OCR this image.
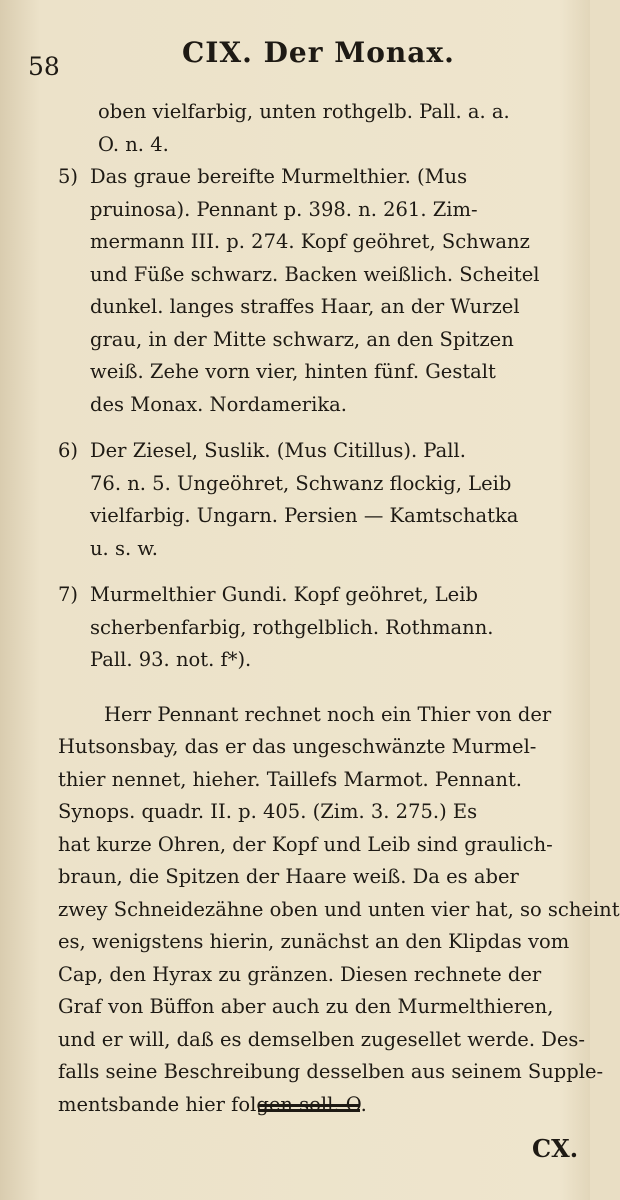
58	CIX. Der Monax.
oben vielfarbig, unten rothgelb. Pall. a. a.
O. n. 4.
5) Das graue bereifte Murmelthier. (Mus
pruinosa). Pennant p. 398. n. 261. Zim-
mermann III. p. 274. Kopf geöhret, Schwanz
und Füße schwarz. Backen weißlich. Scheitel
dunkel. langes straffes Haar, an der Wurzel
grau, in der Mitte schwarz, an den Spitzen
weiß. Zehe vorn vier, hinten fünf. Gestalt
des Monax. Nordamerika.
6) Der Ziesel, Suslik. (Mus Citillus). Pall.
76. n. 5. Ungeöhret, Schwanz flockig, Leib
vielfarbig. Ungarn. Persien — Kamtschatka
u. s. w.
7) Murmelthier Gundi. Kopf geöhret, Leib
scherbenfarbig, rothgelblich. Rothmann.
Pall. 93. not. f*).
Herr Pennant rechnet noch ein Thier von der
Hutsonsbay, das er das ungeschwänzte Murmel-
thier nennet, hieher. Taillefs Marmot. Pennant.
Synops. quadr. II. p. 405. (Zim. 3. 275.) Es
hat kurze Ohren, der Kopf und Leib sind graulich-
braun, die Spitzen der Haare weiß. Da es aber
zwey Schneidezähne oben und unten vier hat, so scheint
es, wenigstens hierin, zunächst an den Klipdas vom
Cap, den Hyrax zu gränzen. Diesen rechnete der
Graf von Büffon aber auch zu den Murmelthieren,
und er will, daß es demselben zugesellet werde. Des-
falls seine Beschreibung desselben aus seinem Supple-
mentsbande hier folgen soll. O.
CX.
